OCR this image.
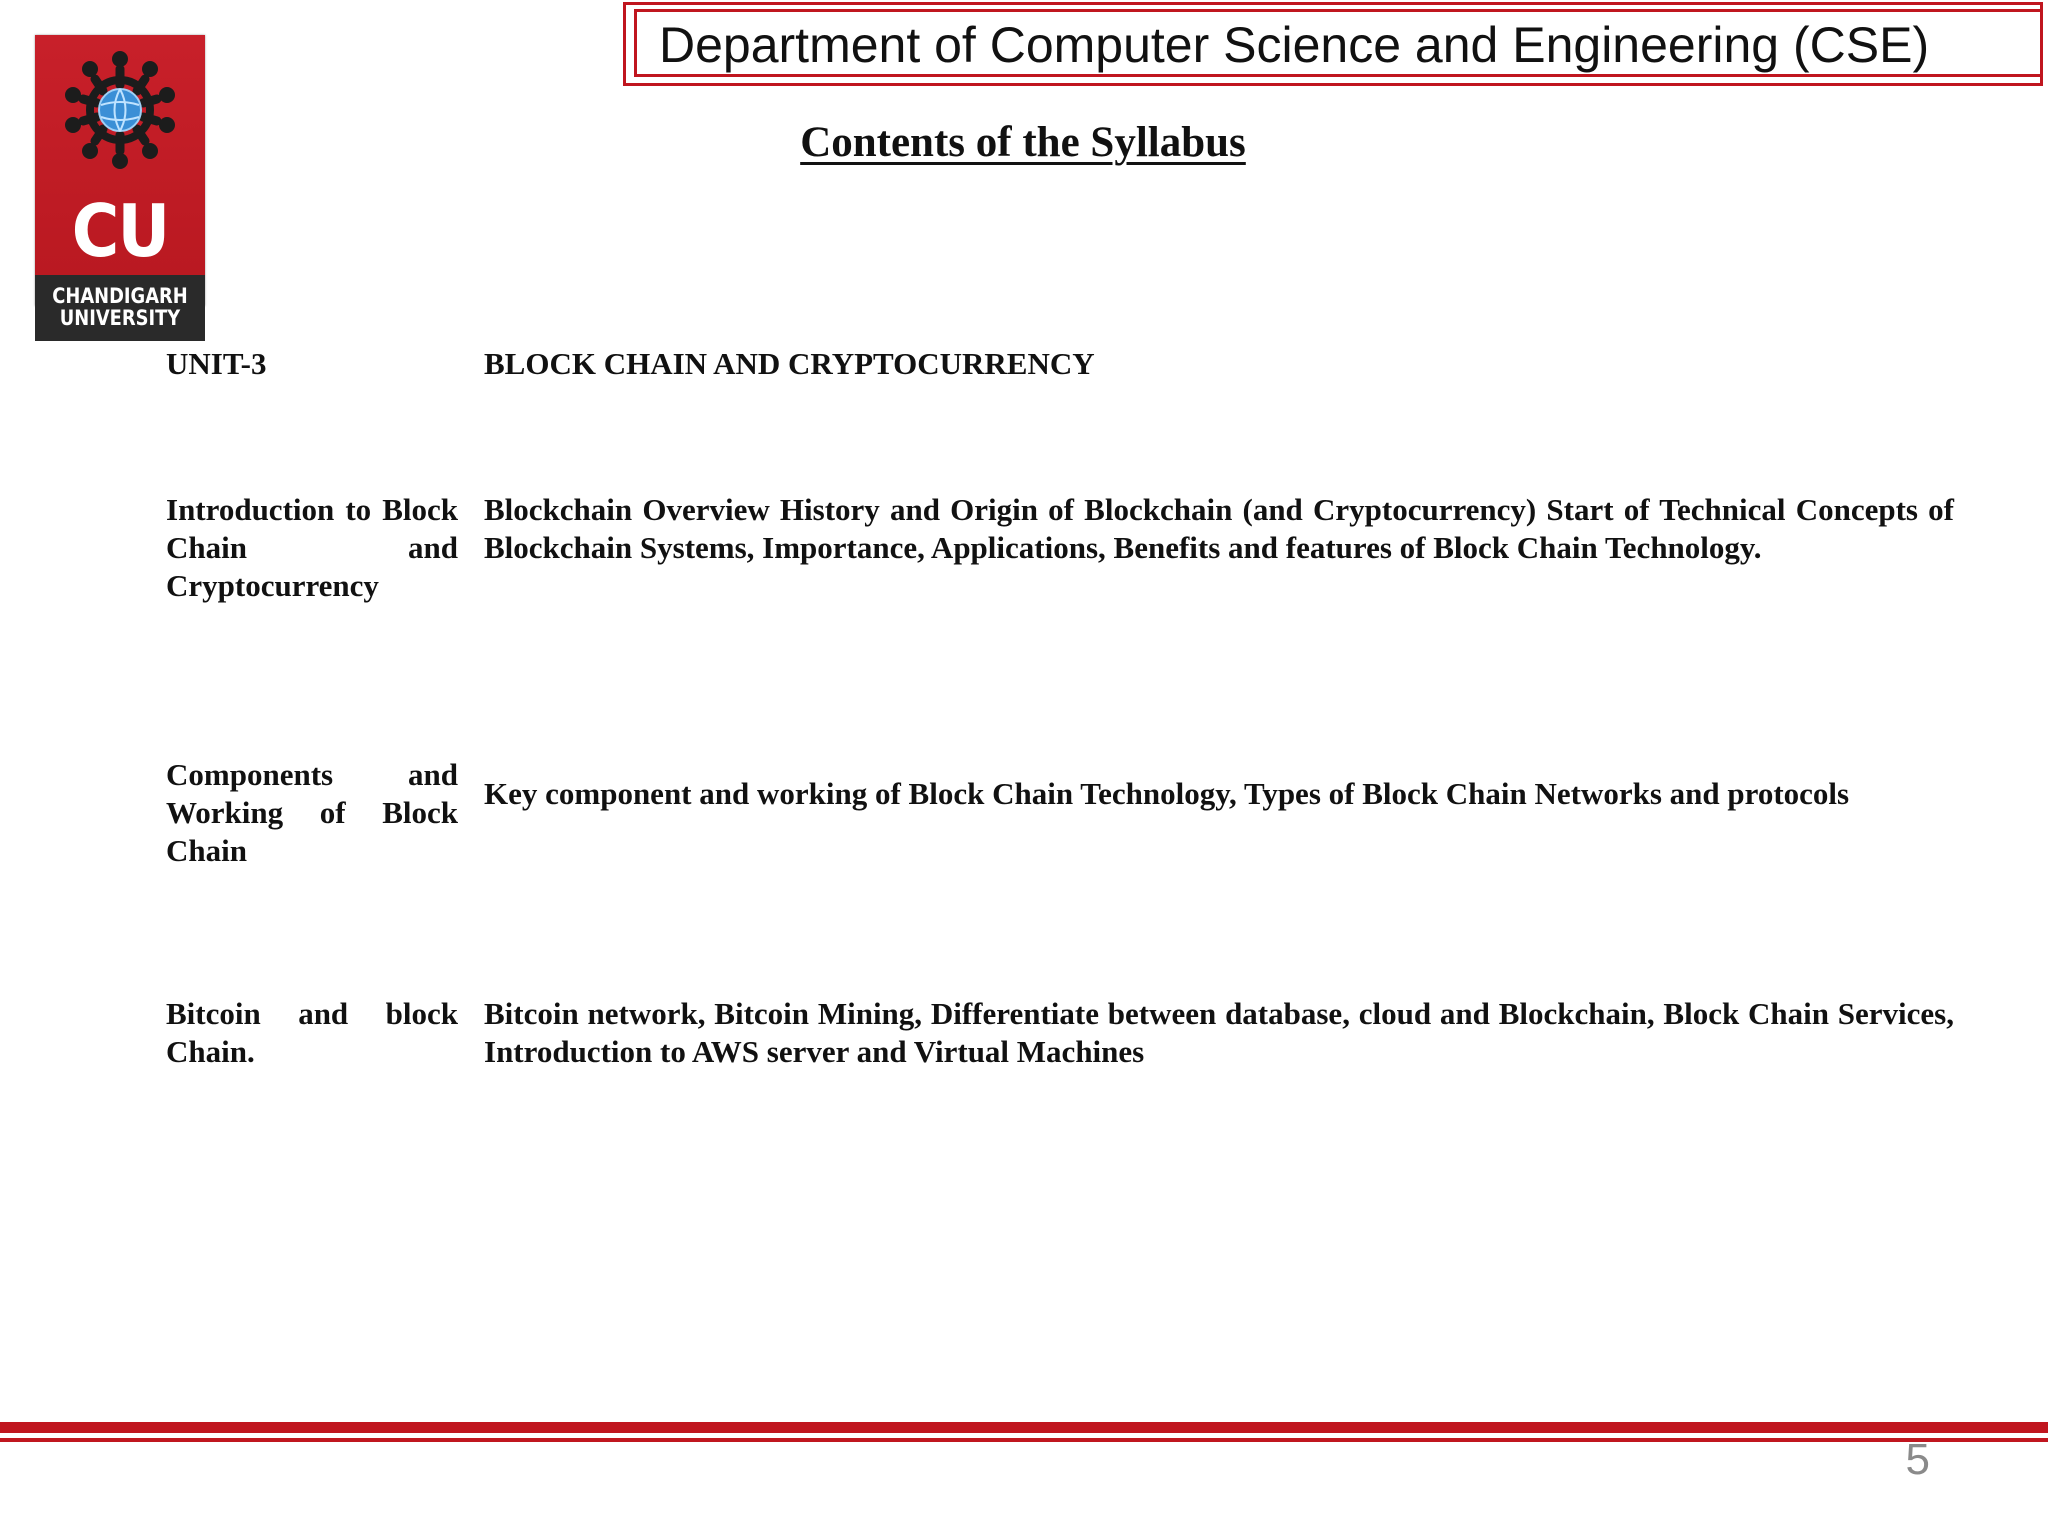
CU
CHANDIGARH
UNIVERSITY
Department of Computer Science and Engineering (CSE)
Contents of the Syllabus
UNIT-3	BLOCK CHAIN AND CRYPTOCURRENCY
Introduction to Block Chain and Cryptocurrency
Blockchain Overview History and Origin of Blockchain (and Cryptocurrency) Start of Technical Concepts of Blockchain Systems, Importance, Applications, Benefits and features of Block Chain Technology.
Components and Working of Block Chain
Key component and working of Block Chain Technology, Types of Block Chain Networks and protocols
Bitcoin and block Chain.
Bitcoin network, Bitcoin Mining, Differentiate between database, cloud and Blockchain, Block Chain Services, Introduction to AWS server and Virtual Machines
5
